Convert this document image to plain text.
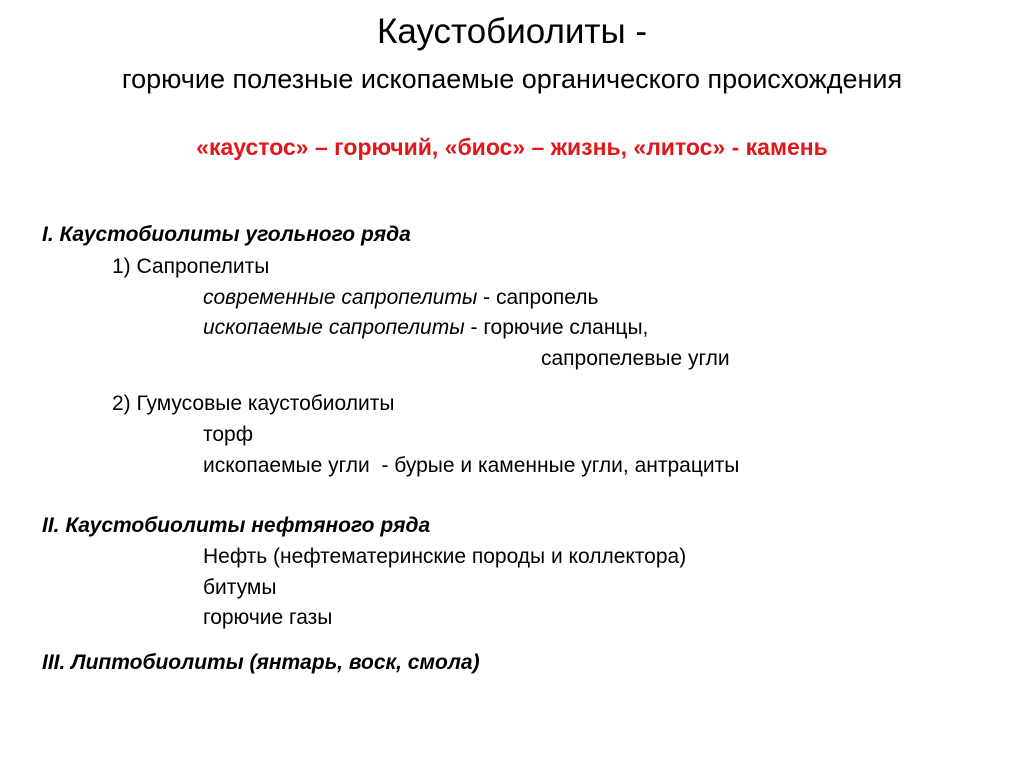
Каустобиолиты -
горючие полезные ископаемые органического происхождения
«каустос» – горючий, «биос» – жизнь, «литос» - камень
I. Каустобиолиты угольного ряда
1) Сапропелиты
современные сапропелиты - сапропель
ископаемые сапропелиты - горючие сланцы,
сапропелевые угли
2) Гумусовые каустобиолиты
торф
ископаемые угли  - бурые и каменные угли, антрациты
II. Каустобиолиты нефтяного ряда
Нефть (нефтематеринские породы и коллектора)
битумы
горючие газы
III. Липтобиолиты (янтарь, воск, смола)
